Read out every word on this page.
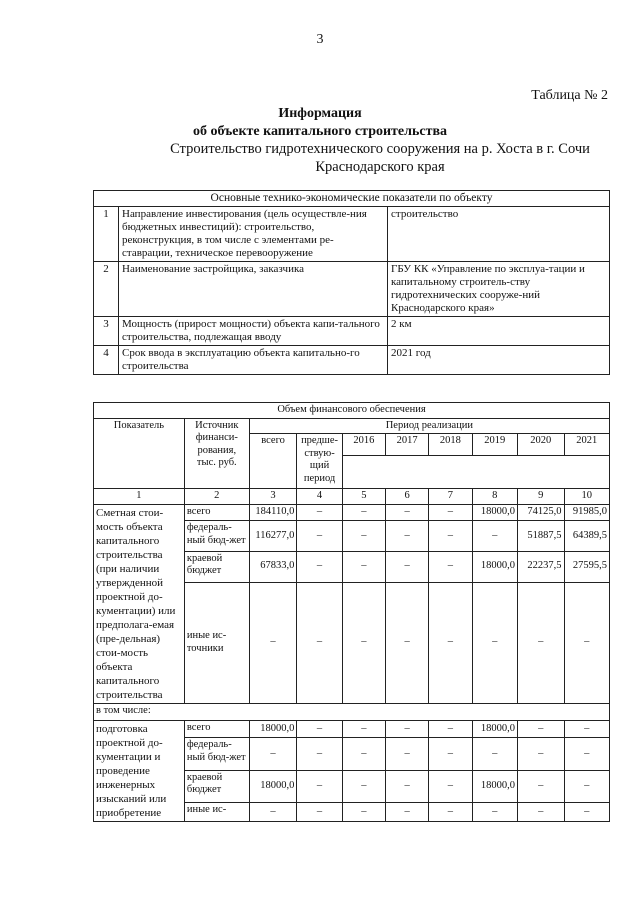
3
Таблица № 2
Информация
об объекте капитального строительства
Строительство гидротехнического сооружения на р. Хоста в г. Сочи Краснодарского края
Основные технико-экономические показатели по объекту		
1	Направление инвестирования (цель осуществле-ния бюджетных инвестиций): строительство, реконструкция, в том числе с элементами ре-ставрации, техническое перевооружение	строительство
2	Наименование застройщика, заказчика	ГБУ КК «Управление по эксплуа-тации и капитальному строитель-ству гидротехнических сооруже-ний Краснодарского края»
3	Мощность (прирост мощности) объекта капи-тального строительства, подлежащая вводу	2 км
4	Срок ввода в эксплуатацию объекта капитально-го строительства	2021 год
Объем финансового обеспечения									
Показатель	Источник финанси-рования, тыс. руб.	Период реализации							
		всего	предше-ствую-щий период	2016	2017	2018	2019	2020	2021

1	2	3	4	5	6	7	8	9	10
Сметная стои-мость объекта капитального строительства (при наличии утвержденной проектной до-кументации) или предполага-емая (пре-дельная) стои-мость объекта капитального строительства	всего	184110,0	–	–	–	–	18000,0	74125,0	91985,0
	федераль-ный бюд-жет	116277,0	–	–	–	–	–	51887,5	64389,5
	краевой бюджет	67833,0	–	–	–	–	18000,0	22237,5	27595,5
	иные ис-точники	–	–	–	–	–	–	–	–
в том числе:									
подготовка проектной до-кументации и проведение инженерных изысканий или приобретение	всего	18000,0	–	–	–	–	18000,0	–	–
	федераль-ный бюд-жет	–	–	–	–	–	–	–	–
	краевой бюджет	18000,0	–	–	–	–	18000,0	–	–
	иные ис-	–	–	–	–	–	–	–	–
